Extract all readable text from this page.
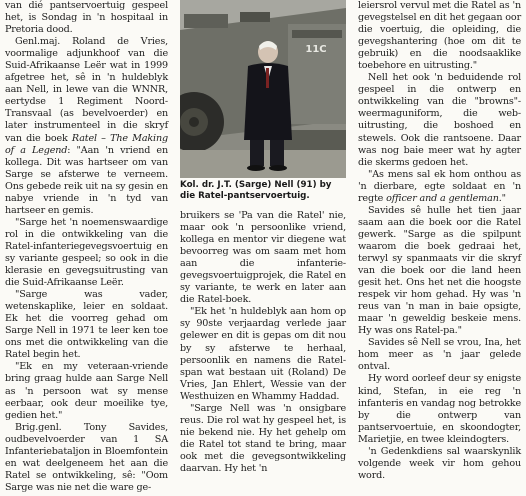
van dié pantservoertuig gespeel het, is Sondag in 'n hospitaal in Pretoria dood.

Genl.maj. Roland de Vries, voormalige adjunkhoof van die Suid-Afrikaanse Leër wat in 1999 afgetree het, sê in 'n huldeblyk aan Nell, in lewe van die WNNR, eertydse 1 Regiment Noord-Transvaal (as bevelvoerder) en later instrumenteel in die skryf van die boek Ratel – The Making of a Legend: "Aan 'n vriend en kollega. Dit was hartseer om van Sarge se afsterwe te verneem. Ons gebede reik uit na sy gesin en nabye vriende in 'n tyd van hartseer en gemis.

"Sarge het 'n noemenswaardige rol in die ontwikkeling van die Ratel-infanteriegevegsvoertuig en sy variante gespeel; so ook in die klerasie en gevegsuitrusting van die Suid-Afrikaanse Leër.

"Sarge was vader, wetenskaplike, leier en soldaat. Ek het die voorreg gehad om Sarge Nell in 1971 te leer ken toe ons met die ontwikkeling van die Ratel begin het.

"Ek en my veteraan-vriende bring graag hulde aan Sarge Nell as 'n persoon wat sy mense eerbaar, ook deur moeilike tye, gedien het."

Brig.genl. Tony Savides, oudbevelvoerder van 1 SA Infanteriebataljon in Bloemfontein en wat deelgeneem het aan die Ratel se ontwikkeling, sê: "Oom Sarge was nie net die ware ge-

11C
Kol. dr. J.T. (Sarge) Nell (91) by die Ratel-pantservoertuig.

bruikers se 'Pa van die Ratel' nie, maar ook 'n persoonlike vriend, kollega en mentor vir diegene wat bevoorreg was om saam met hom aan die infanterie-gevegsvoertuigprojek, die Ratel en sy variante, te werk en later aan die Ratel-boek.

"Ek het 'n huldeblyk aan hom op sy 90ste verjaardag verlede jaar gelewer en dit is gepas om dit nou by sy afsterwe te herhaal, persoonlik en namens die Ratel-span wat bestaan uit (Roland) De Vries, Jan Ehlert, Wessie van der Westhuizen en Whammy Haddad.

"Sarge Nell was 'n onsigbare reus. Die rol wat hy gespeel het, is nie bekend nie. Hy het gehelp om die Ratel tot stand te bring, maar ook met die gevegsontwikkeling daarvan. Hy het 'n

leiersrol vervul met die Ratel as 'n gevegstelsel en dit het gegaan oor die voertuig, die opleiding, die gevegshantering (hoe om dit te gebruik) en die noodsaaklike toebehore en uitrusting."

Nell het ook 'n beduidende rol gespeel in die ontwerp en ontwikkeling van die "browns"-weermaguniform, die web-uitrusting, die boshoed en stewels. Ook die rantsoene. Daar was nog baie meer wat hy agter die skerms gedoen het.

"As mens sal ek hom onthou as 'n dierbare, egte soldaat en 'n regte officer and a gentleman."

Savides sê hulle het tien jaar saam aan die boek oor die Ratel gewerk. "Sarge as die spilpunt waarom die boek gedraai het, terwyl sy spanmaats vir die skryf van die boek oor die land heen gesit het. Ons het net die hoogste respek vir hom gehad. Hy was 'n reus van 'n man in baie opsigte, maar 'n geweldig beskeie mens. Hy was ons Ratel-pa."

Savides sê Nell se vrou, Ina, het hom meer as 'n jaar gelede ontval.

Hy word oorleef deur sy enigste kind, Stefan, in eie reg 'n infanteris en vandag nog betrokke by die ontwerp van pantservoertuie, en skoondogter, Marietjie, en twee kleindogters.

'n Gedenkdiens sal waarskynlik volgende week vir hom gehou word.
